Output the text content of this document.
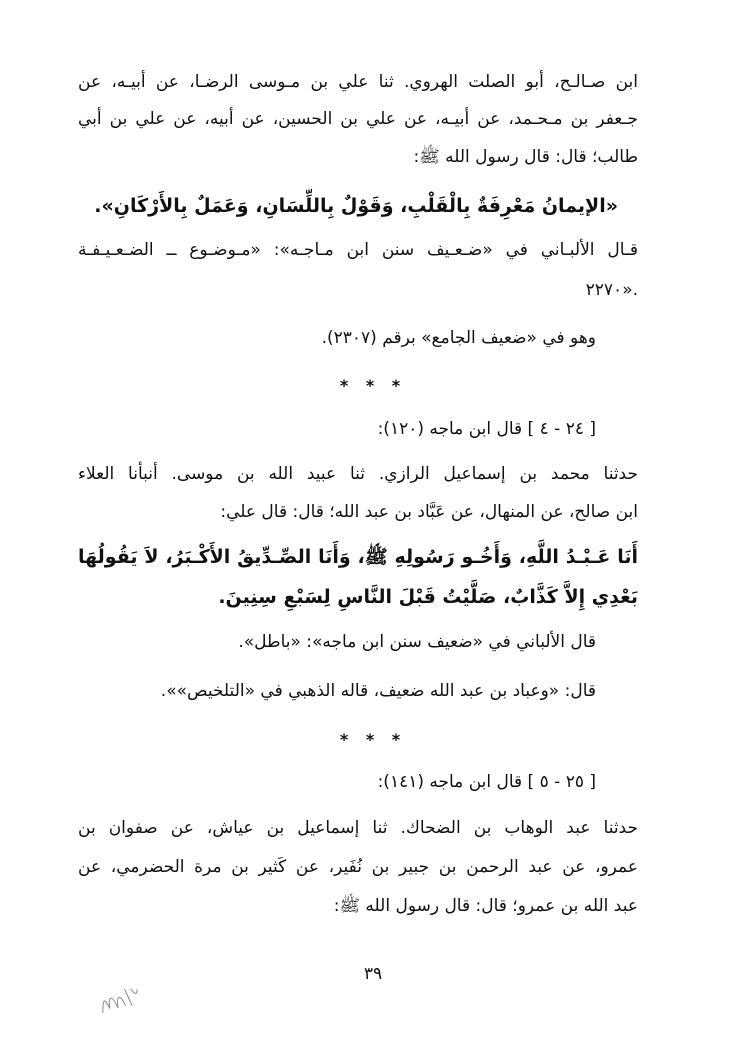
ابن صـالـح، أبو الصلت الهروي. ثنا علي بن مـوسى الرضـا، عن أبيـه، عن
جـعفر بن مـحـمد، عن أبيـه، عن علي بن الحسين، عن أبيه، عن علي بن أبي
طالب؛ قال: قال رسول الله ﷺ:
«الإيمانُ مَعْرِفَةٌ بِالْقَلْبِ، وَقَوْلٌ بِاللِّسَانِ، وَعَمَلٌ بِالأَرْكَانِ».
قـال الألبـاني في «ضـعـيف سنن ابن مـاجـه»: «مـوضـوع ــ الضـعـيـفـة
٢٢٧٠».
وهو في «ضعيف الجامع» برقم (٢٣٠٧).
* * *
[ ٢٤ - ٤ ] قال ابن ماجه (١٢٠):
حدثنا محمد بن إسماعيل الرازي. ثنا عبيد الله بن موسى. أنبأنا العلاء
ابن صالح، عن المنهال، عن عَبَّاد بن عبد الله؛ قال: قال علي:
أَنَا عَـبْـدُ اللَّهِ، وَأَخُـو رَسُولِهِ ﷺ، وَأَنَا الصِّـدِّيقُ الأَكْـبَرُ، لاَ يَقُولُهَا
بَعْدِي إِلاَّ كَذَّابٌ، صَلَّيْتُ قَبْلَ النَّاسِ لِسَبْعِ سِنِينَ.
قال الألباني في «ضعيف سنن ابن ماجه»: «باطل».
قال: «وعباد بن عبد الله ضعيف، قاله الذهبي في «التلخيص»».
* * *
[ ٢٥ - ٥ ] قال ابن ماجه (١٤١):
حدثنا عبد الوهاب بن الضحاك. ثنا إسماعيل بن عياش، عن صفوان بن
عمرو، عن عبد الرحمن بن جبير بن نُفَير، عن كَثير بن مرة الحضرمي، عن
عبد الله بن عمرو؛ قال: قال رسول الله ﷺ:
٣٩
